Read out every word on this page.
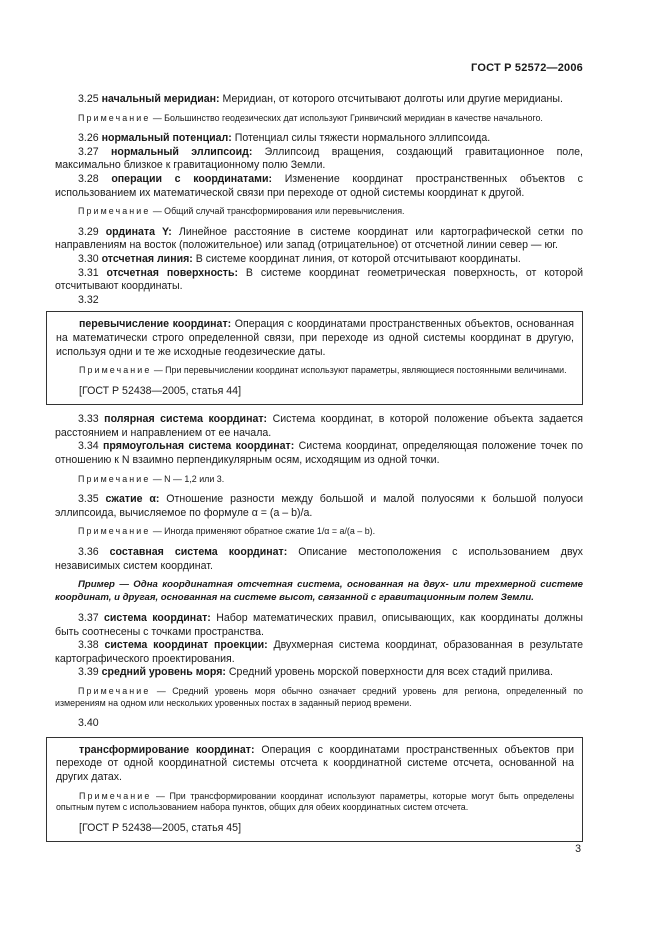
ГОСТ Р 52572—2006

3.25 начальный меридиан: Меридиан, от которого отсчитывают долготы или другие меридианы.

Примечание — Большинство геодезических дат используют Гринвичский меридиан в качестве начального.

3.26 нормальный потенциал: Потенциал силы тяжести нормального эллипсоида.

3.27 нормальный эллипсоид: Эллипсоид вращения, создающий гравитационное поле, максимально близкое к гравитационному полю Земли.

3.28 операции с координатами: Изменение координат пространственных объектов с использованием их математической связи при переходе от одной системы координат к другой.

Примечание — Общий случай трансформирования или перевычисления.

3.29 ордината Y: Линейное расстояние в системе координат или картографической сетки по направлениям на восток (положительное) или запад (отрицательное) от отсчетной линии север — юг.

3.30 отсчетная линия: В системе координат линия, от которой отсчитывают координаты.

3.31 отсчетная поверхность: В системе координат геометрическая поверхность, от которой отсчитывают координаты.

3.32

перевычисление координат: Операция с координатами пространственных объектов, основанная на математически строго определенной связи, при переходе из одной системы координат в другую, используя одни и те же исходные геодезические даты.

Примечание — При перевычислении координат используют параметры, являющиеся постоянными величинами.

[ГОСТ Р 52438—2005, статья 44]

3.33 полярная система координат: Система координат, в которой положение объекта задается расстоянием и направлением от ее начала.

3.34 прямоугольная система координат: Система координат, определяющая положение точек по отношению к N взаимно перпендикулярным осям, исходящим из одной точки.

Примечание — N — 1,2 или 3.

3.35 сжатие α: Отношение разности между большой и малой полуосями к большой полуоси эллипсоида, вычисляемое по формуле α = (a – b)/a.

Примечание — Иногда применяют обратное сжатие 1/α = a/(a – b).

3.36 составная система координат: Описание местоположения с использованием двух независимых систем координат.

Пример — Одна координатная отсчетная система, основанная на двух- или трехмерной системе координат, и другая, основанная на системе высот, связанной с гравитационным полем Земли.

3.37 система координат: Набор математических правил, описывающих, как координаты должны быть соотнесены с точками пространства.

3.38 система координат проекции: Двухмерная система координат, образованная в результате картографического проектирования.

3.39 средний уровень моря: Средний уровень морской поверхности для всех стадий прилива.

Примечание — Средний уровень моря обычно означает средний уровень для региона, определенный по измерениям на одном или нескольких уровенных постах в заданный период времени.

3.40

трансформирование координат: Операция с координатами пространственных объектов при переходе от одной координатной системы отсчета к координатной системе отсчета, основанной на других датах.

Примечание — При трансформировании координат используют параметры, которые могут быть определены опытным путем с использованием набора пунктов, общих для обеих координатных систем отсчета.

[ГОСТ Р 52438—2005, статья 45]

3
